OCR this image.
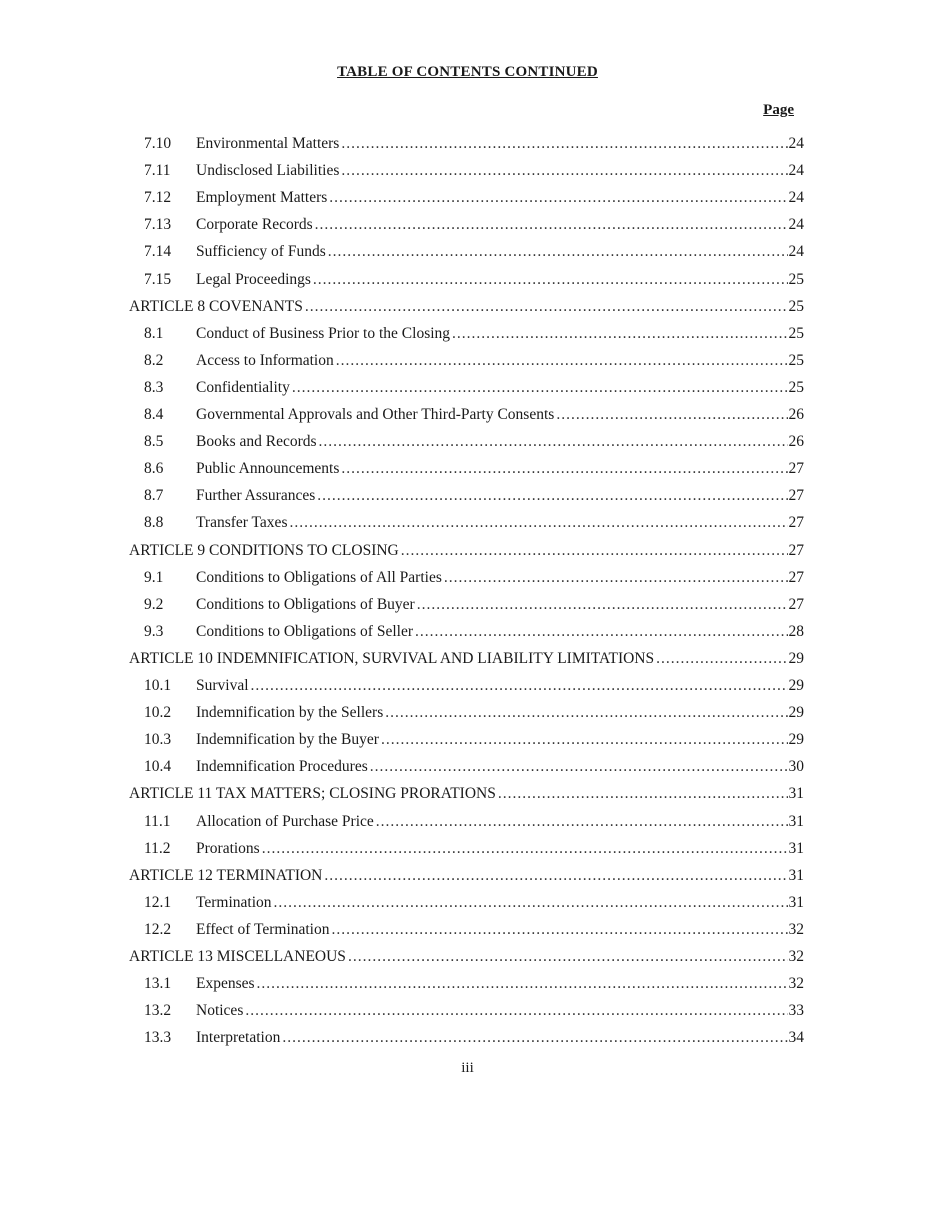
TABLE OF CONTENTS CONTINUED
Page
7.10	Environmental Matters .....	24
7.11	Undisclosed Liabilities .....	24
7.12	Employment Matters .....	24
7.13	Corporate Records .....	24
7.14	Sufficiency of Funds .....	24
7.15	Legal Proceedings .....	25
ARTICLE 8 COVENANTS .....	25
8.1	Conduct of Business Prior to the Closing .....	25
8.2	Access to Information .....	25
8.3	Confidentiality .....	25
8.4	Governmental Approvals and Other Third-Party Consents .....	26
8.5	Books and Records .....	26
8.6	Public Announcements .....	27
8.7	Further Assurances .....	27
8.8	Transfer Taxes .....	27
ARTICLE 9 CONDITIONS TO CLOSING .....	27
9.1	Conditions to Obligations of All Parties .....	27
9.2	Conditions to Obligations of Buyer .....	27
9.3	Conditions to Obligations of Seller .....	28
ARTICLE 10 INDEMNIFICATION, SURVIVAL AND LIABILITY LIMITATIONS .....	29
10.1	Survival .....	29
10.2	Indemnification by the Sellers .....	29
10.3	Indemnification by the Buyer .....	29
10.4	Indemnification Procedures .....	30
ARTICLE 11 TAX MATTERS; CLOSING PRORATIONS .....	31
11.1	Allocation of Purchase Price .....	31
11.2	Prorations .....	31
ARTICLE 12 TERMINATION .....	31
12.1	Termination .....	31
12.2	Effect of Termination .....	32
ARTICLE 13 MISCELLANEOUS .....	32
13.1	Expenses .....	32
13.2	Notices .....	33
13.3	Interpretation .....	34
iii
